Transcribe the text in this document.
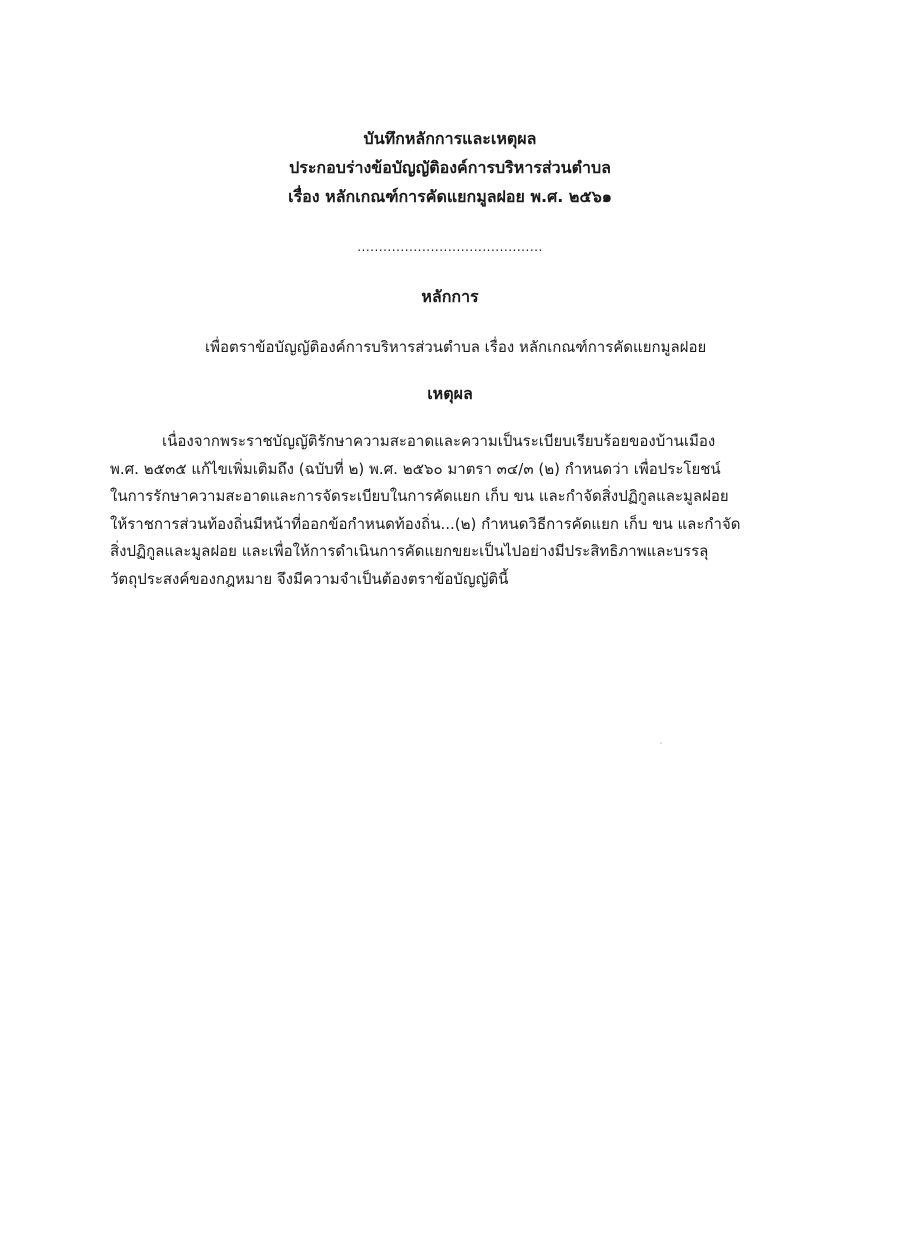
บันทึกหลักการและเหตุผล
ประกอบร่างข้อบัญญัติองค์การบริหารส่วนตำบล
เรื่อง หลักเกณฑ์การคัดแยกมูลฝอย พ.ศ. ๒๕๖๑
...........................................
หลักการ
เพื่อตราข้อบัญญัติองค์การบริหารส่วนตำบล เรื่อง หลักเกณฑ์การคัดแยกมูลฝอย
เหตุผล
เนื่องจากพระราชบัญญัติรักษาความสะอาดและความเป็นระเบียบเรียบร้อยของบ้านเมือง
พ.ศ. ๒๕๓๕ แก้ไขเพิ่มเติมถึง (ฉบับที่ ๒) พ.ศ. ๒๕๖๐ มาตรา ๓๔/๓ (๒) กำหนดว่า เพื่อประโยชน์
ในการรักษาความสะอาดและการจัดระเบียบในการคัดแยก เก็บ ขน และกำจัดสิ่งปฏิกูลและมูลฝอย
ให้ราชการส่วนท้องถิ่นมีหน้าที่ออกข้อกำหนดท้องถิ่น...(๒) กำหนดวิธีการคัดแยก เก็บ ขน และกำจัด
สิ่งปฏิกูลและมูลฝอย และเพื่อให้การดำเนินการคัดแยกขยะเป็นไปอย่างมีประสิทธิภาพและบรรลุ
วัตถุประสงค์ของกฎหมาย จึงมีความจำเป็นต้องตราข้อบัญญัตินี้
